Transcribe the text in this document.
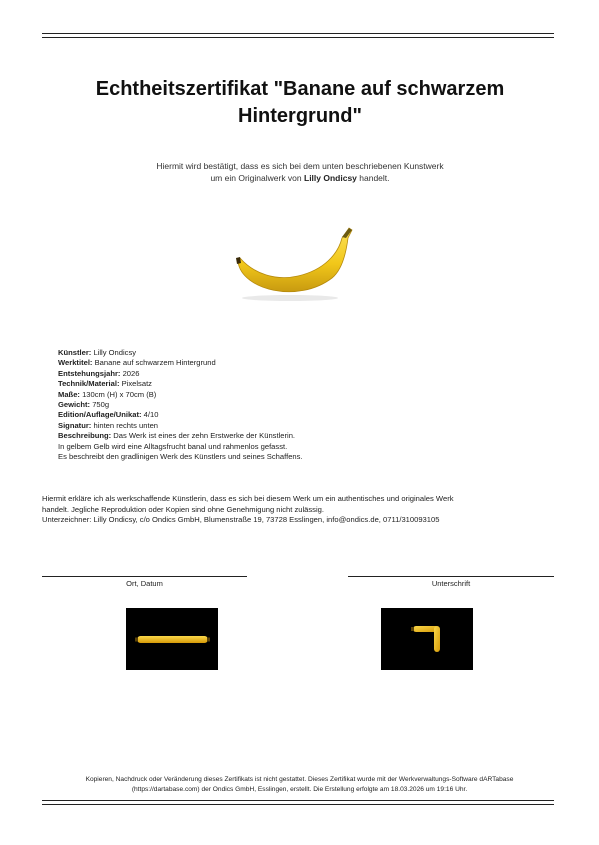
Echtheitszertifikat "Banane auf schwarzem Hintergrund"
Hiermit wird bestätigt, dass es sich bei dem unten beschriebenen Kunstwerk
um ein Originalwerk von Lilly Ondicsy handelt.
Künstler: Lilly Ondicsy
Werktitel: Banane auf schwarzem Hintergrund
Entstehungsjahr: 2026
Technik/Material: Pixelsatz
Maße: 130cm (H) x 70cm (B)
Gewicht: 750g
Edition/Auflage/Unikat: 4/10
Signatur: hinten rechts unten
Beschreibung: Das Werk ist eines der zehn Erstwerke der Künstlerin.
In gelbem Gelb wird eine Alltagsfrucht banal und rahmenlos gefasst.
Es beschreibt den gradlinigen Werk des Künstlers und seines Schaffens.
Hiermit erkläre ich als werkschaffende Künstlerin, dass es sich bei diesem Werk um ein authentisches und originales Werk
handelt. Jegliche Reproduktion oder Kopien sind ohne Genehmigung nicht zulässig.
Unterzeichner: Lilly Ondicsy, c/o Ondics GmbH, Blumenstraße 19, 73728 Esslingen, info@ondics.de, 0711/310093105
Ort, Datum	Unterschrift
Kopieren, Nachdruck oder Veränderung dieses Zertifikats ist nicht gestattet. Dieses Zertifikat wurde mit der Werkverwaltungs-Software dARTabase
(https://dartabase.com) der Ondics GmbH, Esslingen, erstellt. Die Erstellung erfolgte am 18.03.2026 um 19:16 Uhr.
